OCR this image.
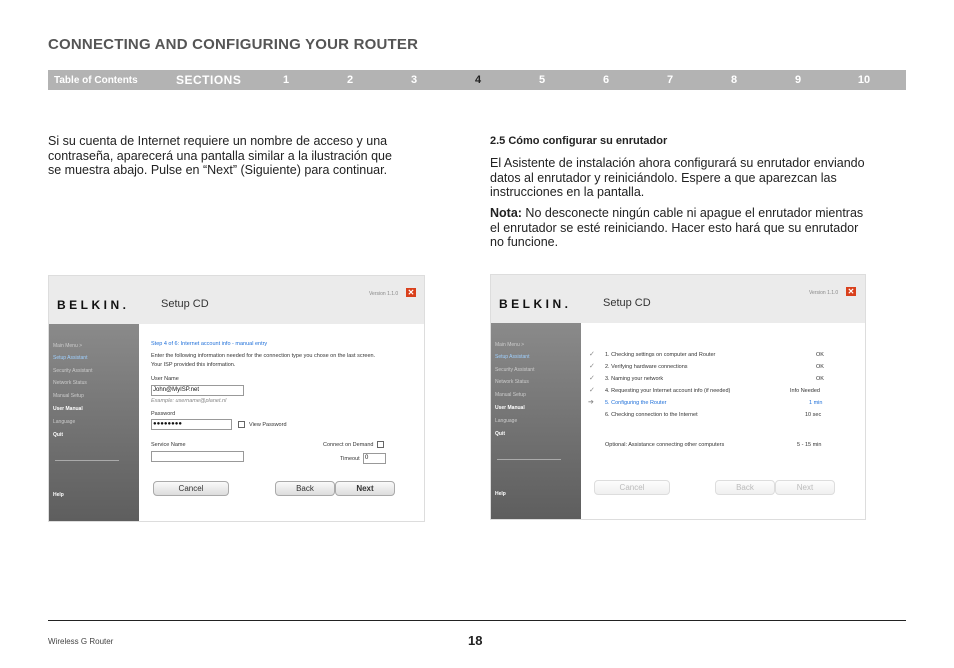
CONNECTING AND CONFIGURING YOUR ROUTER
Table of Contents	SECTIONS	1	2	3	4	5	6	7	8	9	10
Si su cuenta de Internet requiere un nombre de acceso y una
contraseña, aparecerá una pantalla similar a la ilustración que
se muestra abajo. Pulse en “Next” (Siguiente) para continuar.
2.5 Cómo configurar su enrutador
El Asistente de instalación ahora configurará su enrutador enviando
datos al enrutador y reiniciándolo. Espere a que aparezcan las
instrucciones en la pantalla.
Nota: No desconecte ningún cable ni apague el enrutador mientras
el enrutador se esté reiniciando. Hacer esto hará que su enrutador
no funcione.
BELKIN.	Setup CD
Version 1.1.0 ✕
Main Menu >
Setup Assistant
Security Assistant
Network Status
Manual Setup
User Manual
Language
Quit
Help
Step 4 of 6: Internet account info - manual entry
Enter the following information needed for the connection type you chose on the last screen.
Your ISP provided this information.
User Name
John@MyISP.net
Example: username@planet.nl
Password
●●●●●●●●	View Password
Service Name	Connect on Demand
Timeout 0
Cancel	Back	Next
BELKIN.	Setup CD
Version 1.1.0 ✕
Main Menu >
Setup Assistant
Security Assistant
Network Status
Manual Setup
User Manual
Language
Quit
Help
✓ 1. Checking settings on computer and Router	OK
✓ 2. Verifying hardware connections	OK
✓ 3. Naming your network	OK
✓ 4. Requesting your Internet account info (if needed)	Info Needed
➔ 5. Configuring the Router	1 min
6. Checking connection to the Internet	10 sec
Optional: Assistance connecting other computers	5 - 15 min
Cancel	Back	Next
Wireless G Router	18
